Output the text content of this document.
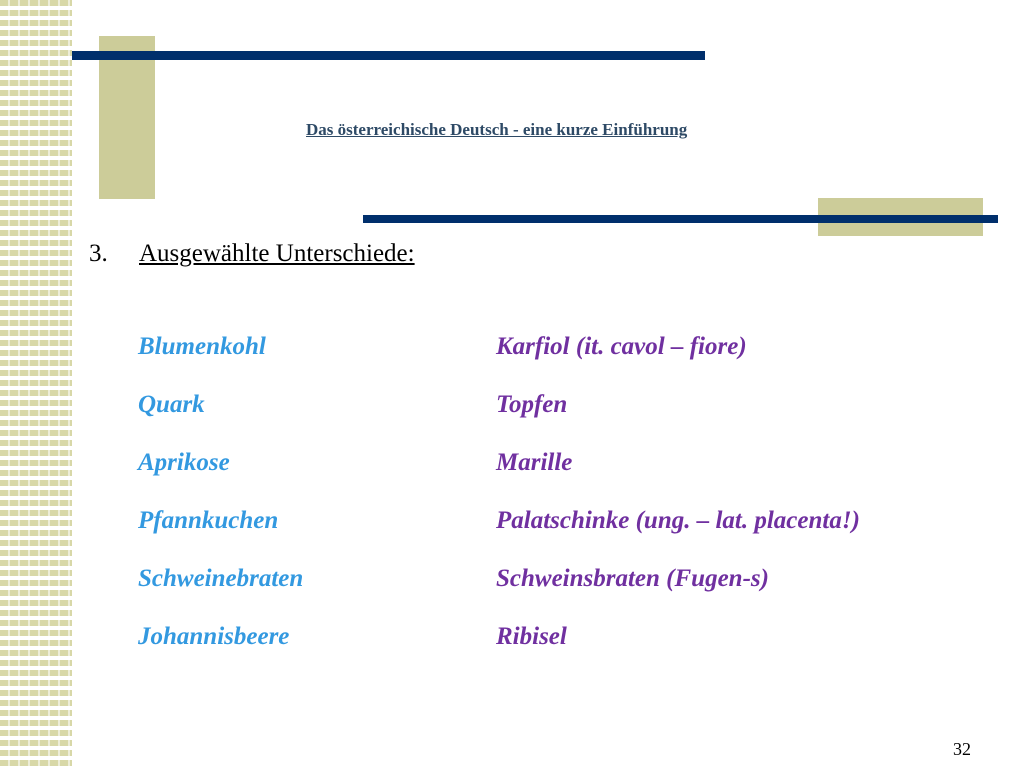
Das österreichische Deutsch - eine kurze Einführung
3.	Ausgewählte Unterschiede:
Blumenkohl	Karfiol (it. cavol – fiore)
Quark	Topfen
Aprikose	Marille
Pfannkuchen	Palatschinke (ung. – lat. placenta!)
Schweinebraten	Schweinsbraten (Fugen-s)
Johannisbeere	Ribisel
32
